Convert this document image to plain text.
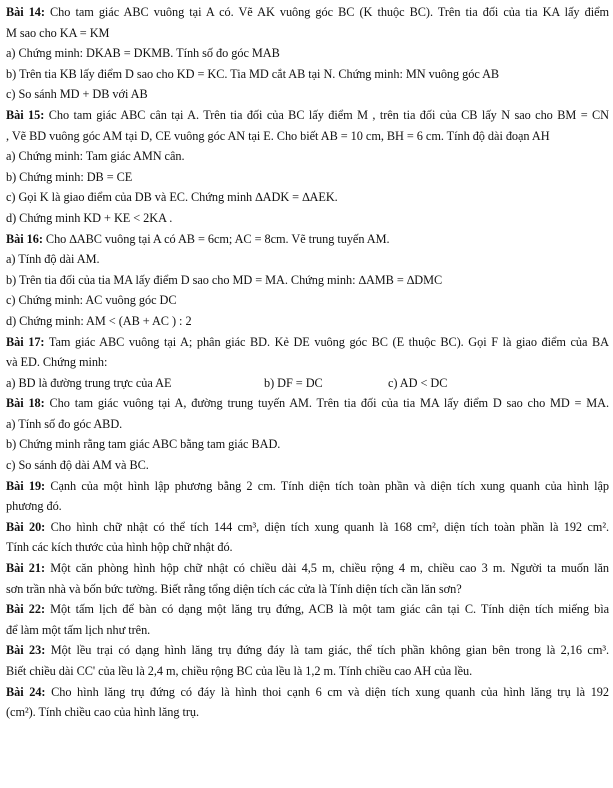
Bài 14: Cho tam giác ABC vuông tại A có. Vẽ AK vuông góc BC (K thuộc BC). Trên tia đối của tia KA lấy điểm
M sao cho KA = KM
a) Chứng minh: DKAB = DKMB. Tính số đo góc MAB
b) Trên tia KB lấy điểm D sao cho KD = KC. Tia MD cắt AB tại N. Chứng minh: MN vuông góc AB
c) So sánh MD + DB với AB
Bài 15: Cho tam giác ABC cân tại A. Trên tia đối của BC lấy điểm M , trên tia đối của CB lấy N sao cho BM = CN
, Vẽ BD vuông góc AM tại D, CE vuông góc AN tại E. Cho biết AB = 10 cm, BH = 6 cm. Tính độ dài đoạn AH
a) Chứng minh: Tam giác AMN cân.
b) Chứng minh: DB = CE
c) Gọi K là giao điểm của DB và EC. Chứng minh ∆ADK = ∆AEK.
d) Chứng minh KD + KE < 2KA .
Bài 16: Cho ∆ABC vuông tại A có AB = 6cm; AC = 8cm. Vẽ trung tuyến AM.
a) Tính độ dài AM.
b) Trên tia đối của tia MA lấy điểm D sao cho MD = MA. Chứng minh: ∆AMB = ∆DMC
c) Chứng minh: AC vuông góc DC
d) Chứng minh: AM < (AB + AC ) : 2
Bài 17: Tam giác ABC vuông tại A; phân giác BD. Kẻ DE vuông góc BC (E thuộc BC). Gọi F là giao điểm của BA
và ED. Chứng minh:
a) BD là đường trung trực của AE	b) DF = DC	c) AD < DC
Bài 18: Cho tam giác vuông tại A, đường trung tuyến AM. Trên tia đối của tia MA lấy điểm D sao cho MD = MA.
a) Tính số đo góc ABD.
b) Chứng minh rằng tam giác ABC bằng tam giác BAD.
c) So sánh độ dài AM và BC.
Bài 19: Cạnh của một hình lập phương bằng 2 cm. Tính diện tích toàn phần và diện tích xung quanh của hình lập
phương đó.
Bài 20: Cho hình chữ nhật có thể tích 144 cm³, diện tích xung quanh là 168 cm², diện tích toàn phần là 192 cm².
Tính các kích thước của hình hộp chữ nhật đó.
Bài 21: Một căn phòng hình hộp chữ nhật có chiều dài 4,5 m, chiều rộng 4 m, chiều cao 3 m. Người ta muốn lăn
sơn trần nhà và bốn bức tường. Biết rằng tổng diện tích các cửa là Tính diện tích cần lăn sơn?
Bài 22: Một tấm lịch để bàn có dạng một lăng trụ đứng, ACB là một tam giác cân tại C. Tính diện tích miếng bìa
để làm một tấm lịch như trên.
Bài 23: Một lều trại có dạng hình lăng trụ đứng đáy là tam giác, thể tích phần không gian bên trong là 2,16 cm³.
Biết chiều dài CC' của lều là 2,4 m, chiều rộng BC của lều là 1,2 m. Tính chiều cao AH của lều.
Bài 24: Cho hình lăng trụ đứng có đáy là hình thoi cạnh 6 cm và diện tích xung quanh của hình lăng trụ là 192
(cm²). Tính chiều cao của hình lăng trụ.
